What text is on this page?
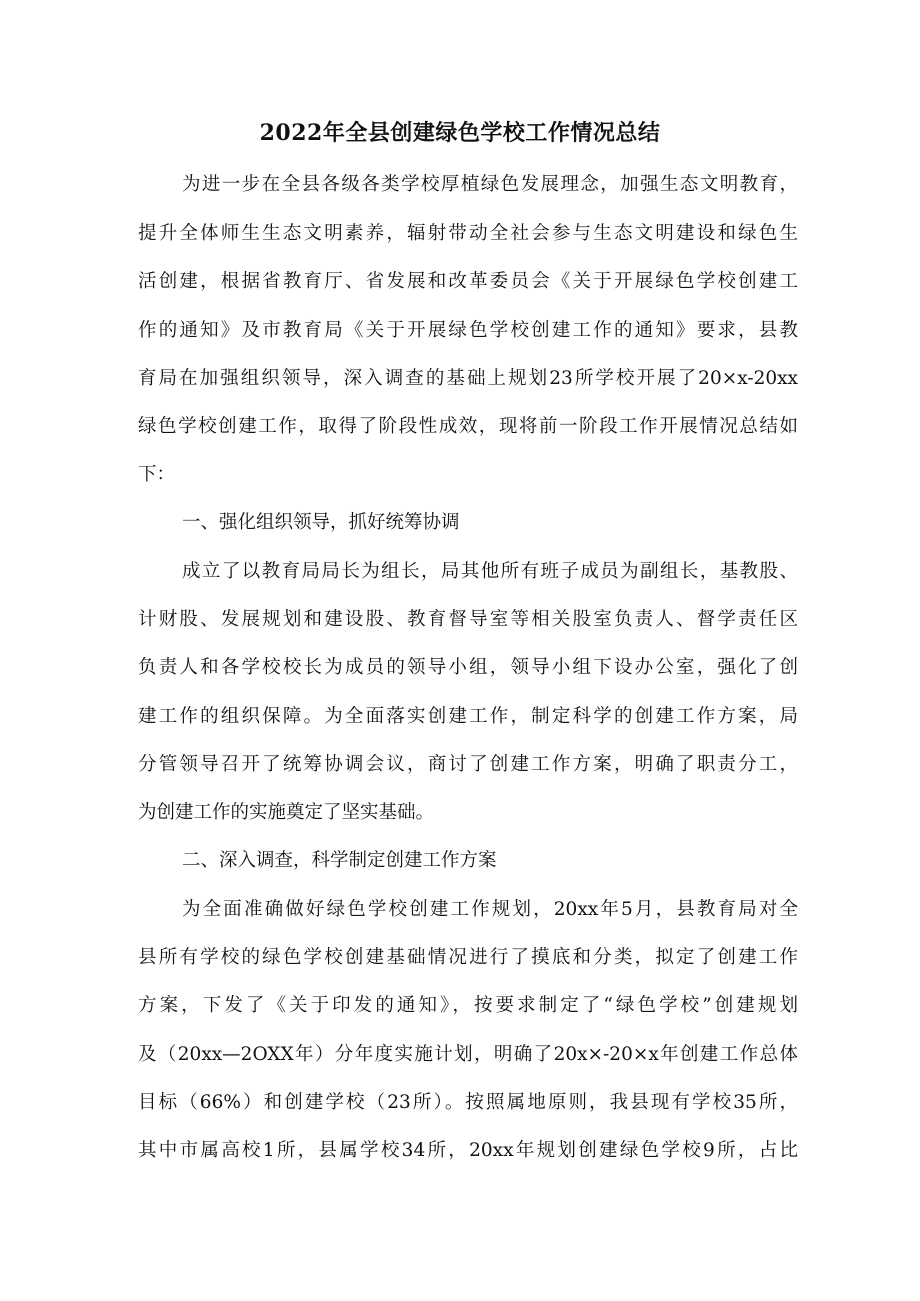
2022年全县创建绿色学校工作情况总结
为进一步在全县各级各类学校厚植绿色发展理念，加强生态文明教育，
提升全体师生生态文明素养，辐射带动全社会参与生态文明建设和绿色生
活创建，根据省教育厅、省发展和改革委员会《关于开展绿色学校创建工
作的通知》及市教育局《关于开展绿色学校创建工作的通知》要求，县教
育局在加强组织领导，深入调查的基础上规划23所学校开展了20×x-20xx
绿色学校创建工作，取得了阶段性成效，现将前一阶段工作开展情况总结如
下：
一、强化组织领导，抓好统筹协调
成立了以教育局局长为组长，局其他所有班子成员为副组长，基教股、
计财股、发展规划和建设股、教育督导室等相关股室负责人、督学责任区
负责人和各学校校长为成员的领导小组，领导小组下设办公室，强化了创
建工作的组织保障。为全面落实创建工作，制定科学的创建工作方案，局
分管领导召开了统筹协调会议，商讨了创建工作方案，明确了职责分工，
为创建工作的实施奠定了坚实基础。
二、深入调查，科学制定创建工作方案
为全面准确做好绿色学校创建工作规划，20xx年5月，县教育局对全
县所有学校的绿色学校创建基础情况进行了摸底和分类，拟定了创建工作
方案，下发了《关于印发的通知》，按要求制定了“绿色学校”创建规划
及（20xx—2OXX年）分年度实施计划，明确了20x×-20×x年创建工作总体
目标（66%）和创建学校（23所）。按照属地原则，我县现有学校35所，
其中市属高校1所，县属学校34所，20xx年规划创建绿色学校9所，占比
